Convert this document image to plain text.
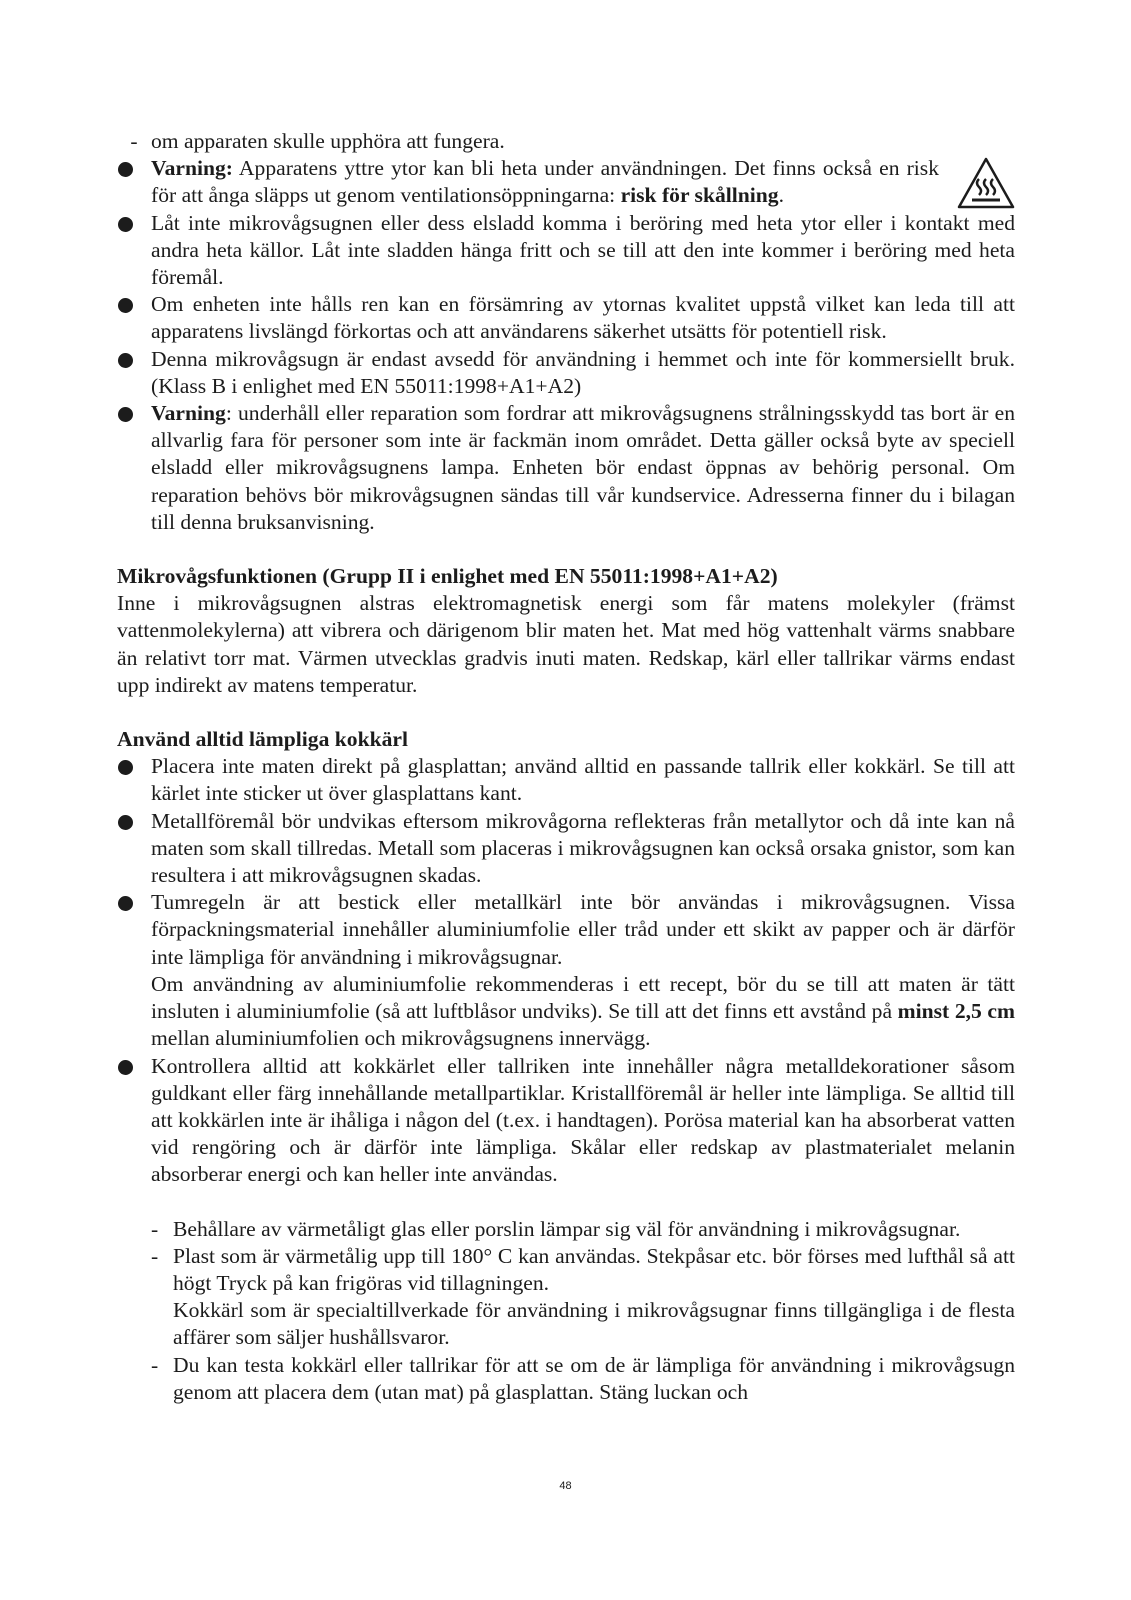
- om apparaten skulle upphöra att fungera.
Varning: Apparatens yttre ytor kan bli heta under användningen. Det finns också en risk för att ånga släpps ut genom ventilationsöppningarna: risk för skållning.
Låt inte mikrovågsugnen eller dess elsladd komma i beröring med heta ytor eller i kontakt med andra heta källor. Låt inte sladden hänga fritt och se till att den inte kommer i beröring med heta föremål.
Om enheten inte hålls ren kan en försämring av ytornas kvalitet uppstå vilket kan leda till att apparatens livslängd förkortas och att användarens säkerhet utsätts för potentiell risk.
Denna mikrovågsugn är endast avsedd för användning i hemmet och inte för kommersiellt bruk. (Klass B i enlighet med EN 55011:1998+A1+A2)
Varning: underhåll eller reparation som fordrar att mikrovågsugnens strålningsskydd tas bort är en allvarlig fara för personer som inte är fackmän inom området. Detta gäller också byte av speciell elsladd eller mikrovågsugnens lampa. Enheten bör endast öppnas av behörig personal. Om reparation behövs bör mikrovågsugnen sändas till vår kundservice. Adresserna finner du i bilagan till denna bruksanvisning.
Mikrovågsfunktionen (Grupp II i enlighet med EN 55011:1998+A1+A2)

Inne i mikrovågsugnen alstras elektromagnetisk energi som får matens molekyler (främst vattenmolekylerna) att vibrera och därigenom blir maten het. Mat med hög vattenhalt värms snabbare än relativt torr mat. Värmen utvecklas gradvis inuti maten. Redskap, kärl eller tallrikar värms endast upp indirekt av matens temperatur.

Använd alltid lämpliga kokkärl
Placera inte maten direkt på glasplattan; använd alltid en passande tallrik eller kokkärl. Se till att kärlet inte sticker ut över glasplattans kant.
Metallföremål bör undvikas eftersom mikrovågorna reflekteras från metallytor och då inte kan nå maten som skall tillredas. Metall som placeras i mikrovågsugnen kan också orsaka gnistor, som kan resultera i att mikrovågsugnen skadas.
Tumregeln är att bestick eller metallkärl inte bör användas i mikrovågsugnen. Vissa förpackningsmaterial innehåller aluminiumfolie eller tråd under ett skikt av papper och är därför inte lämpliga för användning i mikrovågsugnar.
Om användning av aluminiumfolie rekommenderas i ett recept, bör du se till att maten är tätt insluten i aluminiumfolie (så att luftblåsor undviks). Se till att det finns ett avstånd på minst 2,5 cm mellan aluminiumfolien och mikrovågsugnens innervägg.
Kontrollera alltid att kokkärlet eller tallriken inte innehåller några metalldekorationer såsom guldkant eller färg innehållande metallpartiklar. Kristallföremål är heller inte lämpliga. Se alltid till att kokkärlen inte är ihåliga i någon del (t.ex. i handtagen). Porösa material kan ha absorberat vatten vid rengöring och är därför inte lämpliga. Skålar eller redskap av plastmaterialet melanin absorberar energi och kan heller inte användas.
- Behållare av värmetåligt glas eller porslin lämpar sig väl för användning i mikrovågsugnar.
- Plast som är värmetålig upp till 180° C kan användas. Stekpåsar etc. bör förses med lufthål så att högt Tryck på kan frigöras vid tillagningen.
Kokkärl som är specialtillverkade för användning i mikrovågsugnar finns tillgängliga i de flesta affärer som säljer hushållsvaror.
- Du kan testa kokkärl eller tallrikar för att se om de är lämpliga för användning i mikrovågsugn genom att placera dem (utan mat) på glasplattan. Stäng luckan och
48
